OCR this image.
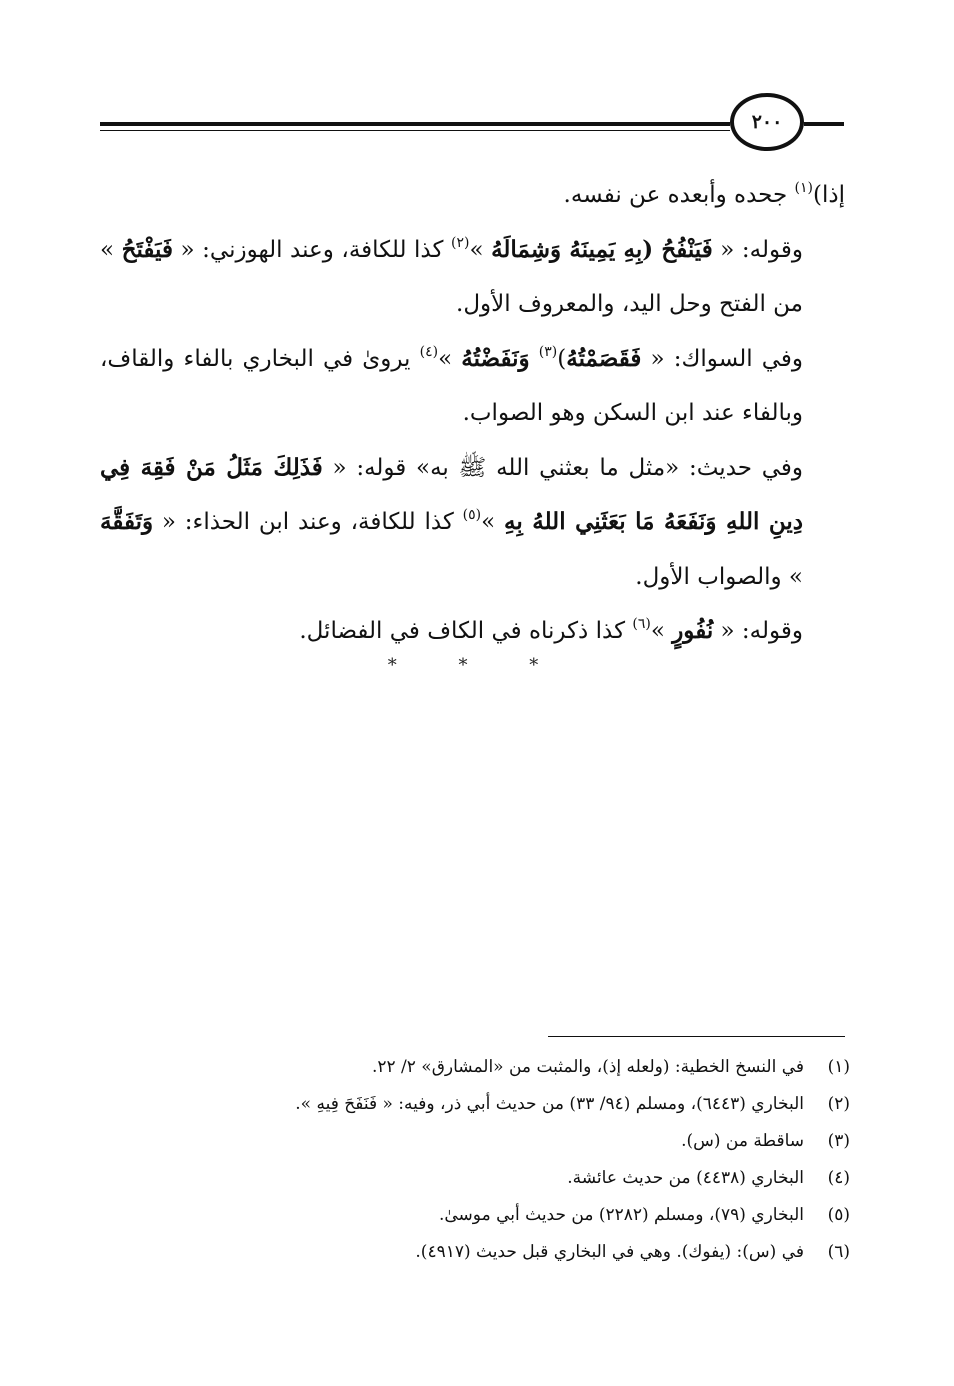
٢٠٠

إذا)$^{(١)}$ جحده وأبعده عن نفسه.

وقوله: « فَيَنْفُحُ (بِهِ يَمِينَهُ وَشِمَالَهُ »$^{(٢)}$ كذا للكافة، وعند الهوزني: « فَيَفْتَحُ » من الفتح وحل اليد، والمعروف الأول.

وفي السواك: « فَقَصَمْتُهُ)$^{(٣)}$ وَنَفَضْتُهُ »$^{(٤)}$ يروىٰ في البخاري بالفاء والقاف، وبالفاء عند ابن السكن وهو الصواب.

وفي حديث: «مثل ما بعثني الله ﷺ به» قوله: « فَذَلِكَ مَثَلُ مَنْ فَقِهَ فِي دِينِ اللهِ وَنَفَعَهُ مَا بَعَثَنِي اللهُ بِهِ »$^{(٥)}$ كذا للكافة، وعند ابن الحذاء: « وَتَفَقَّهَ » والصواب الأول.

وقوله: « نُفُورٍ »$^{(٦)}$ كذا ذكرناه في الكاف في الفضائل.

* * *
(١)
في النسخ الخطية: (ولعله إذ)، والمثبت من «المشارق» ٢/ ٢٢.
(٢)
البخاري (٦٤٤٣)، ومسلم (٩٤/ ٣٣) من حديث أبي ذر، وفيه: « فَنَفَحَ فِيهِ ».
(٣)
ساقطة من (س).
(٤)
البخاري (٤٤٣٨) من حديث عائشة.
(٥)
البخاري (٧٩)، ومسلم (٢٢٨٢) من حديث أبي موسىٰ.
(٦)
في (س): (يفوك). وهي في البخاري قبل حديث (٤٩١٧).
